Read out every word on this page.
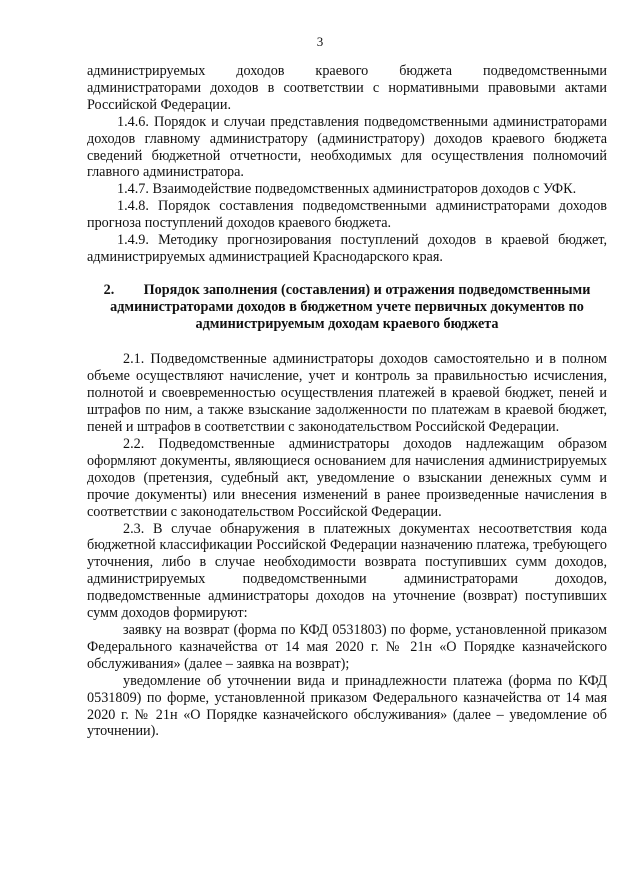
3

администрируемых доходов краевого бюджета подведомственными администраторами доходов в соответствии с нормативными правовыми актами Российской Федерации.

1.4.6. Порядок и случаи представления подведомственными администраторами доходов главному администратору (администратору) доходов краевого бюджета сведений бюджетной отчетности, необходимых для осуществления полномочий главного администратора.

1.4.7. Взаимодействие подведомственных администраторов доходов с УФК.

1.4.8. Порядок составления подведомственными администраторами доходов прогноза поступлений доходов краевого бюджета.

1.4.9. Методику прогнозирования поступлений доходов в краевой бюджет, администрируемых администрацией Краснодарского края.

2. Порядок заполнения (составления) и отражения подведомственными администраторами доходов в бюджетном учете первичных документов по администрируемым доходам краевого бюджета

2.1. Подведомственные администраторы доходов самостоятельно и в полном объеме осуществляют начисление, учет и контроль за правильностью исчисления, полнотой и своевременностью осуществления платежей в краевой бюджет, пеней и штрафов по ним, а также взыскание задолженности по платежам в краевой бюджет, пеней и штрафов в соответствии с законодательством Российской Федерации.

2.2. Подведомственные администраторы доходов надлежащим образом оформляют документы, являющиеся основанием для начисления администрируемых доходов (претензия, судебный акт, уведомление о взыскании денежных сумм и прочие документы) или внесения изменений в ранее произведенные начисления в соответствии с законодательством Российской Федерации.

2.3. В случае обнаружения в платежных документах несоответствия кода бюджетной классификации Российской Федерации назначению платежа, требующего уточнения, либо в случае необходимости возврата поступивших сумм доходов, администрируемых подведомственными администраторами доходов, подведомственные администраторы доходов на уточнение (возврат) поступивших сумм доходов формируют:

заявку на возврат (форма по КФД 0531803) по форме, установленной приказом Федерального казначейства от 14 мая 2020 г. № 21н «О Порядке казначейского обслуживания» (далее – заявка на возврат);

уведомление об уточнении вида и принадлежности платежа (форма по КФД 0531809) по форме, установленной приказом Федерального казначейства от 14 мая 2020 г. № 21н «О Порядке казначейского обслуживания» (далее – уведомление об уточнении).
